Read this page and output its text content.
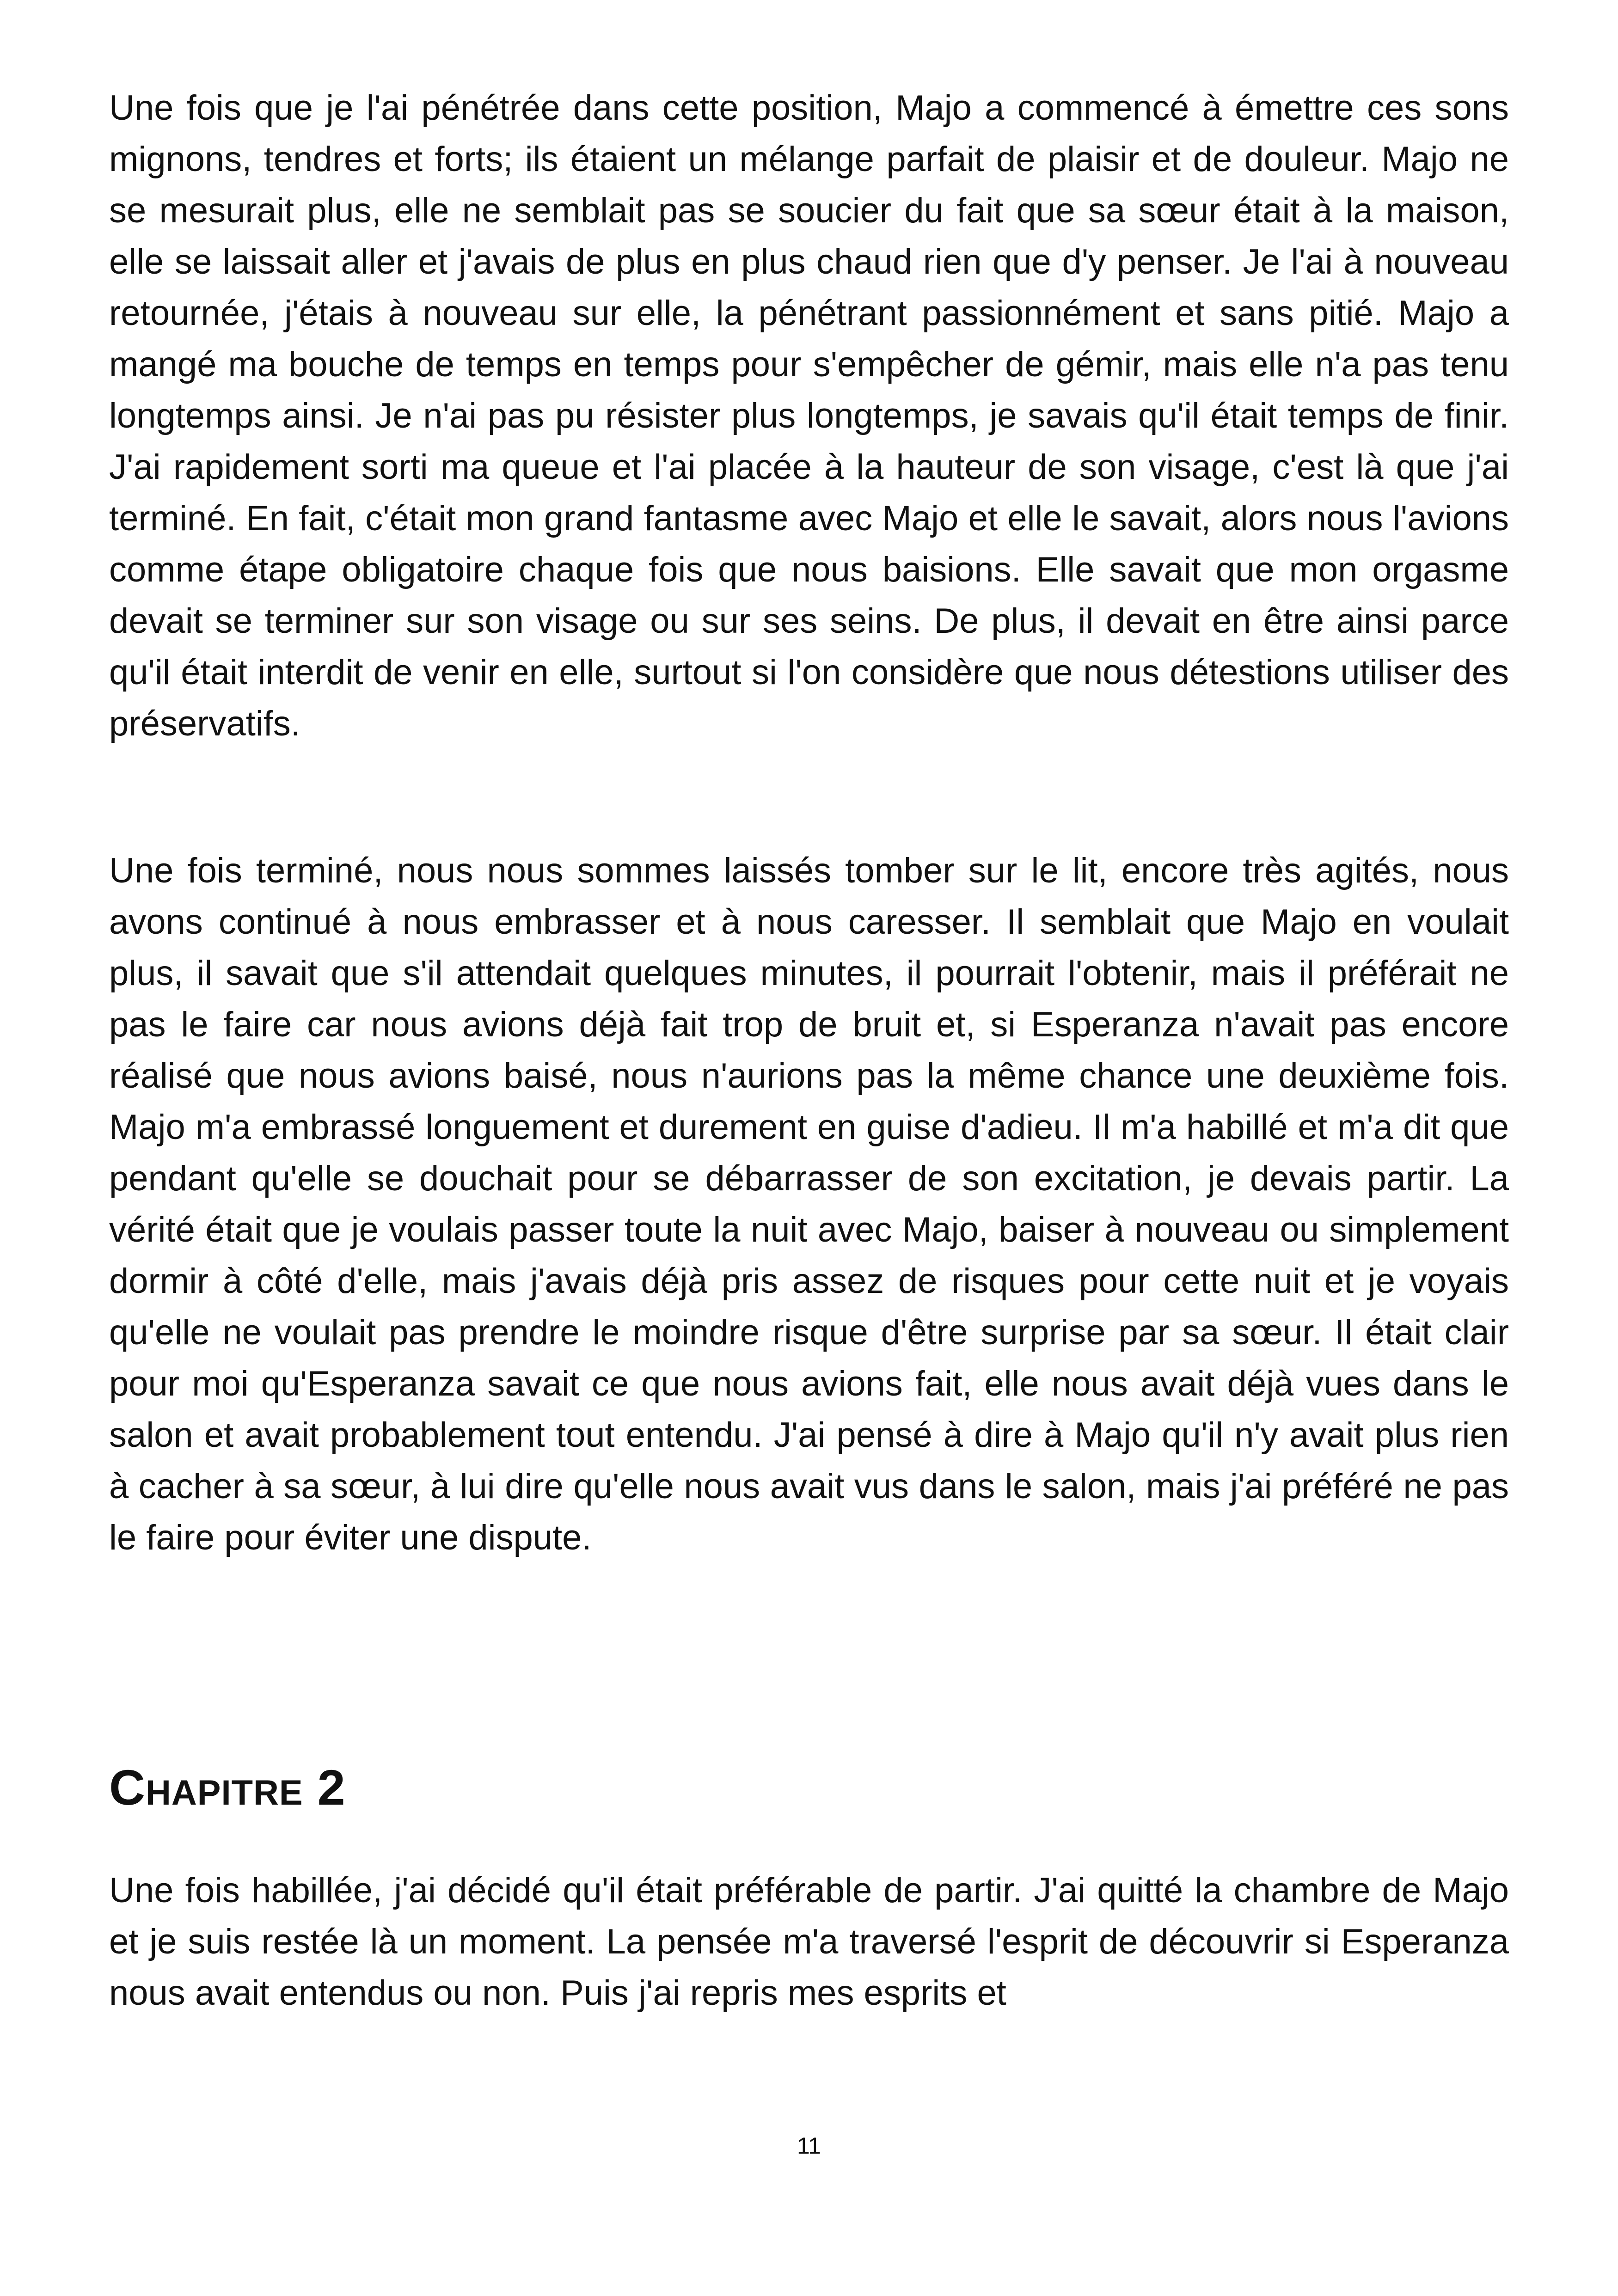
Une fois que je l'ai pénétrée dans cette position, Majo a commencé à émettre ces sons mignons, tendres et forts; ils étaient un mélange parfait de plaisir et de douleur. Majo ne se mesurait plus, elle ne semblait pas se soucier du fait que sa sœur était à la maison, elle se laissait aller et j'avais de plus en plus chaud rien que d'y penser. Je l'ai à nouveau retournée, j'étais à nouveau sur elle, la pénétrant passionnément et sans pitié. Majo a mangé ma bouche de temps en temps pour s'empêcher de gémir, mais elle n'a pas tenu longtemps ainsi. Je n'ai pas pu résister plus longtemps, je savais qu'il était temps de finir. J'ai rapidement sorti ma queue et l'ai placée à la hauteur de son visage, c'est là que j'ai terminé. En fait, c'était mon grand fantasme avec Majo et elle le savait, alors nous l'avions comme étape obligatoire chaque fois que nous baisions. Elle savait que mon orgasme devait se terminer sur son visage ou sur ses seins. De plus, il devait en être ainsi parce qu'il était interdit de venir en elle, surtout si l'on considère que nous détestions utiliser des préservatifs.

Une fois terminé, nous nous sommes laissés tomber sur le lit, encore très agités, nous avons continué à nous embrasser et à nous caresser. Il semblait que Majo en voulait plus, il savait que s'il attendait quelques minutes, il pourrait l'obtenir, mais il préférait ne pas le faire car nous avions déjà fait trop de bruit et, si Esperanza n'avait pas encore réalisé que nous avions baisé, nous n'aurions pas la même chance une deuxième fois. Majo m'a embrassé longuement et durement en guise d'adieu. Il m'a habillé et m'a dit que pendant qu'elle se douchait pour se débarrasser de son excitation, je devais partir. La vérité était que je voulais passer toute la nuit avec Majo, baiser à nouveau ou simplement dormir à côté d'elle, mais j'avais déjà pris assez de risques pour cette nuit et je voyais qu'elle ne voulait pas prendre le moindre risque d'être surprise par sa sœur. Il était clair pour moi qu'Esperanza savait ce que nous avions fait, elle nous avait déjà vues dans le salon et avait probablement tout entendu. J'ai pensé à dire à Majo qu'il n'y avait plus rien à cacher à sa sœur, à lui dire qu'elle nous avait vus dans le salon, mais j'ai préféré ne pas le faire pour éviter une dispute.

Chapitre 2

Une fois habillée, j'ai décidé qu'il était préférable de partir. J'ai quitté la chambre de Majo et je suis restée là un moment. La pensée m'a traversé l'esprit de découvrir si Esperanza nous avait entendus ou non. Puis j'ai repris mes esprits et

11
